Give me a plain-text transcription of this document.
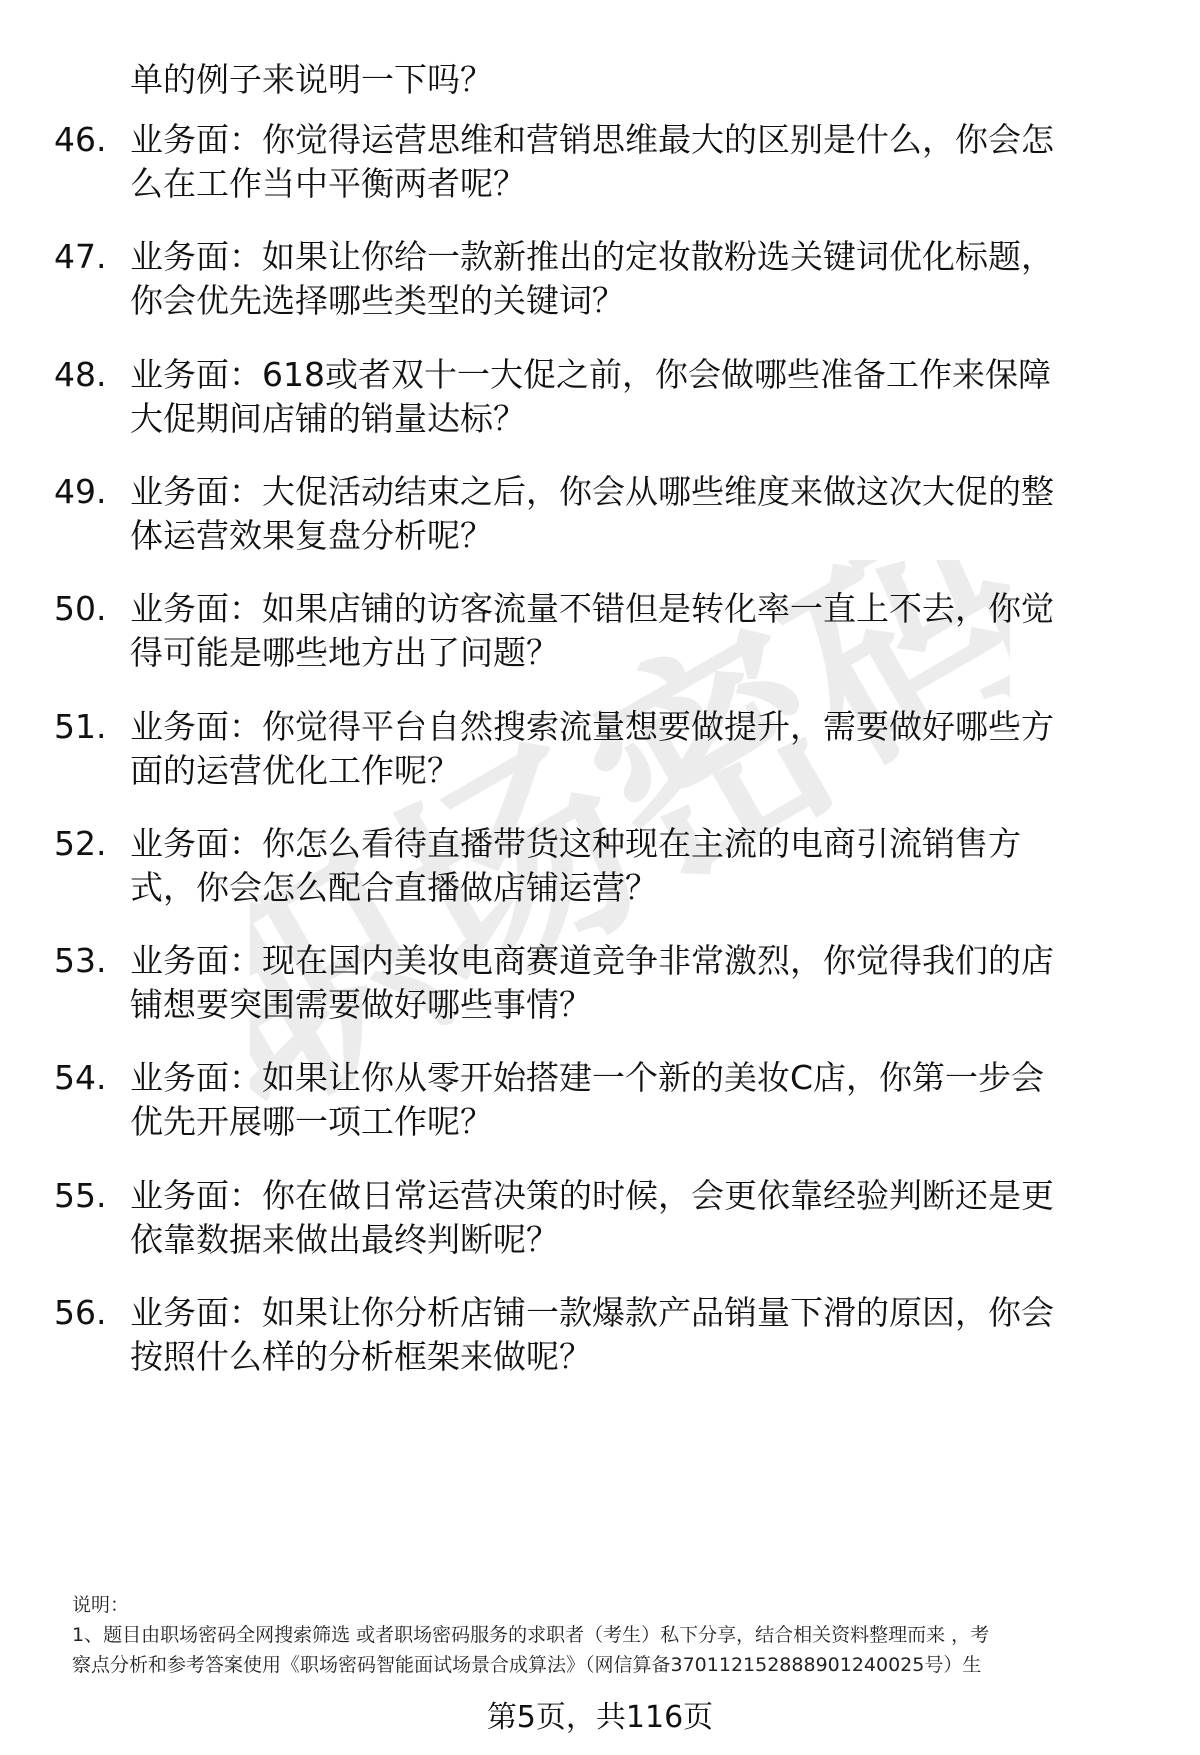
职场密码
单的例子来说明一下吗？
46. 业务面：你觉得运营思维和营销思维最大的区别是什么，你会怎
么在工作当中平衡两者呢？
47. 业务面：如果让你给一款新推出的定妆散粉选关键词优化标题，
你会优先选择哪些类型的关键词？
48. 业务面：618或者双十一大促之前，你会做哪些准备工作来保障
大促期间店铺的销量达标？
49. 业务面：大促活动结束之后，你会从哪些维度来做这次大促的整
体运营效果复盘分析呢？
50. 业务面：如果店铺的访客流量不错但是转化率一直上不去，你觉
得可能是哪些地方出了问题？
51. 业务面：你觉得平台自然搜索流量想要做提升，需要做好哪些方
面的运营优化工作呢？
52. 业务面：你怎么看待直播带货这种现在主流的电商引流销售方
式，你会怎么配合直播做店铺运营？
53. 业务面：现在国内美妆电商赛道竞争非常激烈，你觉得我们的店
铺想要突围需要做好哪些事情？
54. 业务面：如果让你从零开始搭建一个新的美妆C店，你第一步会
优先开展哪一项工作呢？
55. 业务面：你在做日常运营决策的时候，会更依靠经验判断还是更
依靠数据来做出最终判断呢？
56. 业务面：如果让你分析店铺一款爆款产品销量下滑的原因，你会
按照什么样的分析框架来做呢？
说明：
1、题目由职场密码全网搜索筛选 或者职场密码服务的求职者（考生）私下分享，结合相关资料整理而来 ，考
察点分析和参考答案使用《职场密码智能面试场景合成算法》（网信算备370112152888901240025号）生
第5页，共116页
